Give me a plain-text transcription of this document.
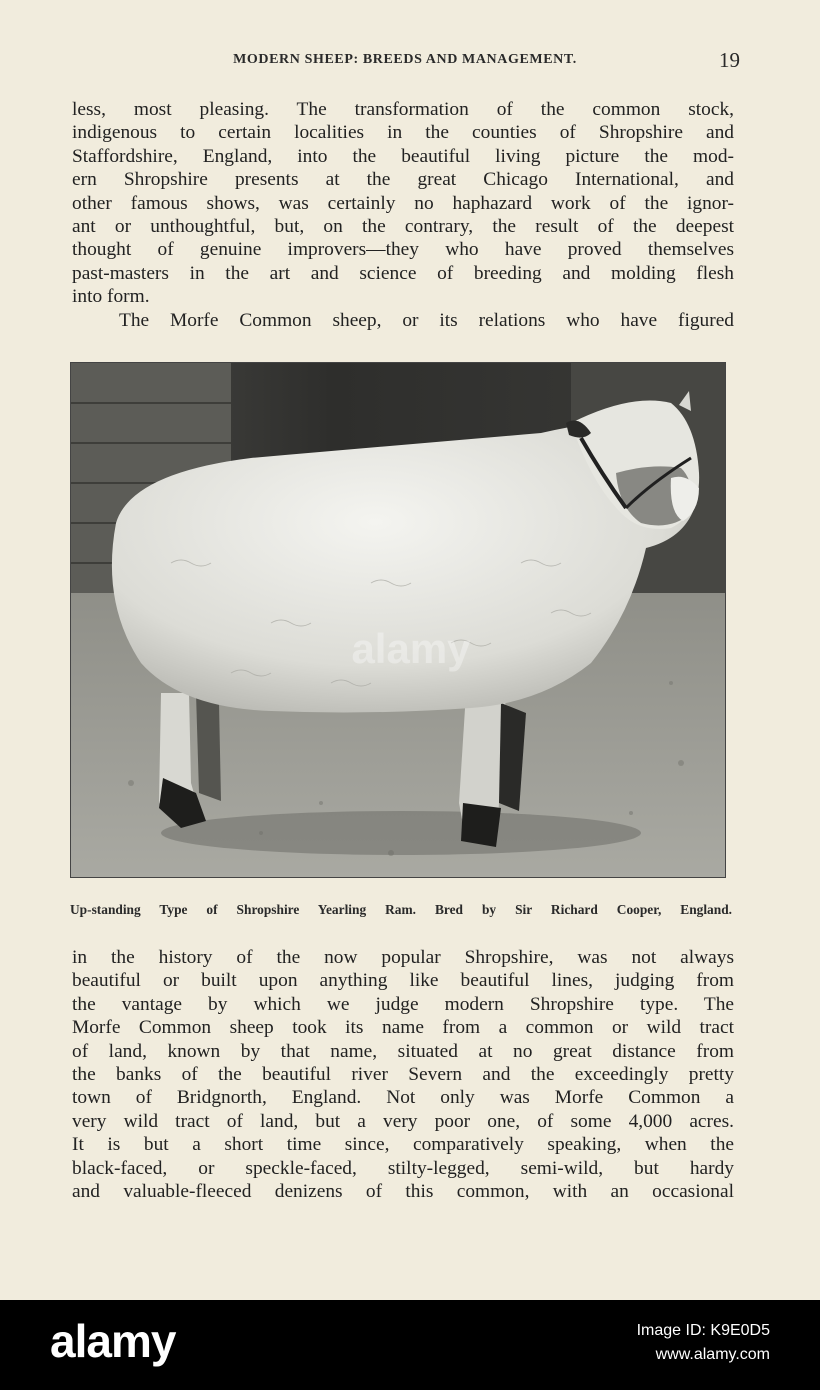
MODERN SHEEP: BREEDS AND MANAGEMENT.	19
less, most pleasing. The transformation of the common stock,
indigenous to certain localities in the counties of Shropshire and
Staffordshire, England, into the beautiful living picture the mod-
ern Shropshire presents at the great Chicago International, and
other famous shows, was certainly no haphazard work of the ignor-
ant or unthoughtful, but, on the contrary, the result of the deepest
thought of genuine improvers—they who have proved themselves
past-masters in the art and science of breeding and molding flesh
into form.
The Morfe Common sheep, or its relations who have figured
alamy
Up-standing Type of Shropshire Yearling Ram. Bred by Sir Richard Cooper, England.
in the history of the now popular Shropshire, was not always
beautiful or built upon anything like beautiful lines, judging from
the vantage by which we judge modern Shropshire type. The
Morfe Common sheep took its name from a common or wild tract
of land, known by that name, situated at no great distance from
the banks of the beautiful river Severn and the exceedingly pretty
town of Bridgnorth, England. Not only was Morfe Common a
very wild tract of land, but a very poor one, of some 4,000 acres.
It is but a short time since, comparatively speaking, when the
black-faced, or speckle-faced, stilty-legged, semi-wild, but hardy
and valuable-fleeced denizens of this common, with an occasional
alamy	Image ID: K9E0D5
www.alamy.com
